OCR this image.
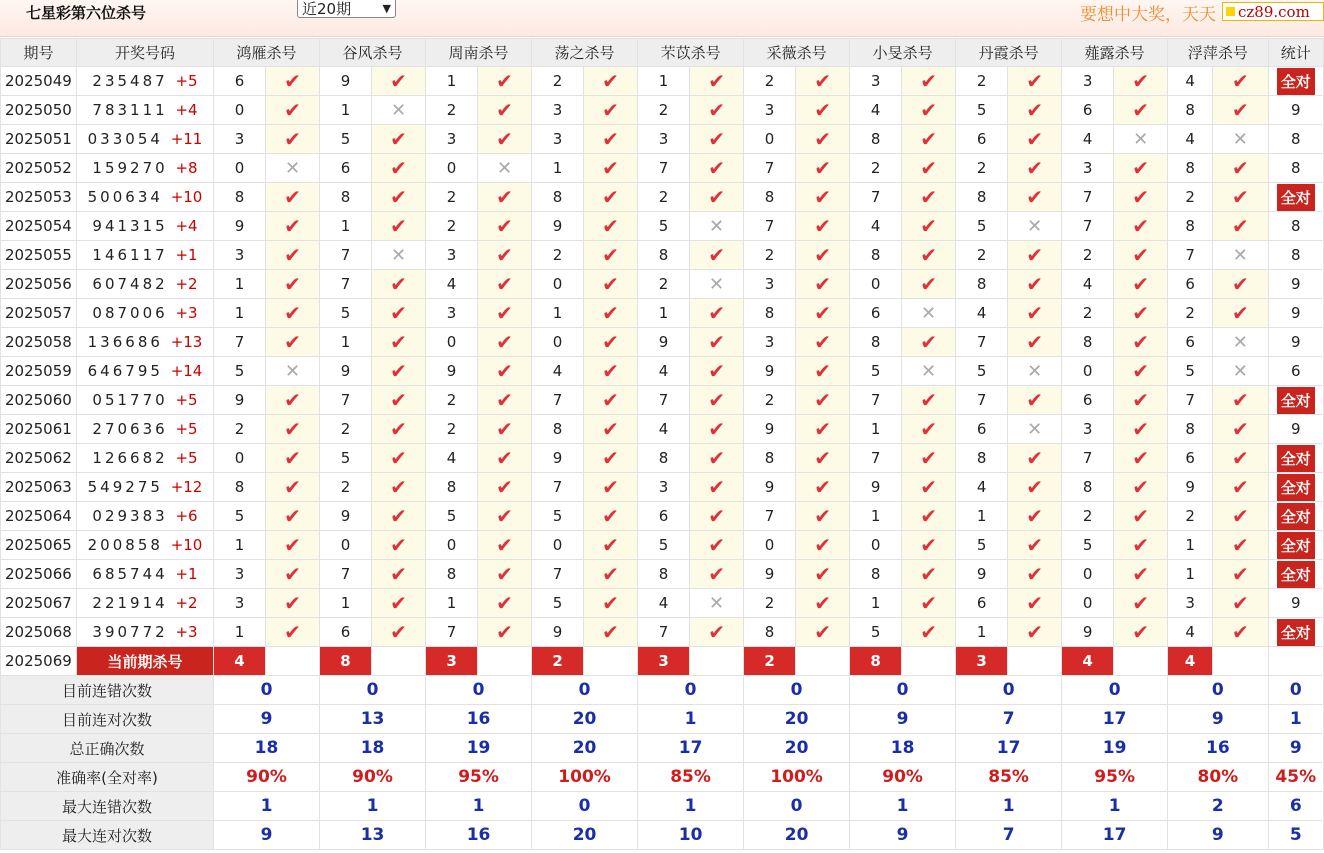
七星彩第六位杀号	近20期	▼	要想中大奖，天天 cz89.com
期号	开奖号码	鸿雁杀号		谷风杀号		周南杀号		荡之杀号		芣苡杀号		采薇杀号		小旻杀号		丹霞杀号		薤露杀号		浮萍杀号		统计
2025049	235487 +5	6	✔	9	✔	1	✔	2	✔	1	✔	2	✔	3	✔	2	✔	3	✔	4	✔	全对
2025050	783111 +4	0	✔	1	✕	2	✔	3	✔	2	✔	3	✔	4	✔	5	✔	6	✔	8	✔	9
2025051	033054 +11	3	✔	5	✔	3	✔	3	✔	3	✔	0	✔	8	✔	6	✔	4	✕	4	✕	8
2025052	159270 +8	0	✕	6	✔	0	✕	1	✔	7	✔	7	✔	2	✔	2	✔	3	✔	8	✔	8
2025053	500634 +10	8	✔	8	✔	2	✔	8	✔	2	✔	8	✔	7	✔	8	✔	7	✔	2	✔	全对
2025054	941315 +4	9	✔	1	✔	2	✔	9	✔	5	✕	7	✔	4	✔	5	✕	7	✔	8	✔	8
2025055	146117 +1	3	✔	7	✕	3	✔	2	✔	8	✔	2	✔	8	✔	2	✔	2	✔	7	✕	8
2025056	607482 +2	1	✔	7	✔	4	✔	0	✔	2	✕	3	✔	0	✔	8	✔	4	✔	6	✔	9
2025057	087006 +3	1	✔	5	✔	3	✔	1	✔	1	✔	8	✔	6	✕	4	✔	2	✔	2	✔	9
2025058	136686 +13	7	✔	1	✔	0	✔	0	✔	9	✔	3	✔	8	✔	7	✔	8	✔	6	✕	9
2025059	646795 +14	5	✕	9	✔	9	✔	4	✔	4	✔	9	✔	5	✕	5	✕	0	✔	5	✕	6
2025060	051770 +5	9	✔	7	✔	2	✔	7	✔	7	✔	2	✔	7	✔	7	✔	6	✔	7	✔	全对
2025061	270636 +5	2	✔	2	✔	2	✔	8	✔	4	✔	9	✔	1	✔	6	✕	3	✔	8	✔	9
2025062	126682 +5	0	✔	5	✔	4	✔	9	✔	8	✔	8	✔	7	✔	8	✔	7	✔	6	✔	全对
2025063	549275 +12	8	✔	2	✔	8	✔	7	✔	3	✔	9	✔	9	✔	4	✔	8	✔	9	✔	全对
2025064	029383 +6	5	✔	9	✔	5	✔	5	✔	6	✔	7	✔	1	✔	1	✔	2	✔	2	✔	全对
2025065	200858 +10	1	✔	0	✔	0	✔	0	✔	5	✔	0	✔	0	✔	5	✔	5	✔	1	✔	全对
2025066	685744 +1	3	✔	7	✔	8	✔	7	✔	8	✔	9	✔	8	✔	9	✔	0	✔	1	✔	全对
2025067	221914 +2	3	✔	1	✔	1	✔	5	✔	4	✕	2	✔	1	✔	6	✔	0	✔	3	✔	9
2025068	390772 +3	1	✔	6	✔	7	✔	9	✔	7	✔	8	✔	5	✔	1	✔	9	✔	4	✔	全对
2025069	当前期杀号	4		8		3		2		3		2		8		3		4		4		
目前连错次数		0		0		0		0		0		0		0		0		0		0		0
目前连对次数		9		13		16		20		1		20		9		7		17		9		1
总正确次数		18		18		19		20		17		20		18		17		19		16		9
准确率(全对率)		90%		90%		95%		100%		85%		100%		90%		85%		95%		80%		45%
最大连错次数		1		1		1		0		1		0		1		1		1		2		6
最大连对次数		9		13		16		20		10		20		9		7		17		9		5
